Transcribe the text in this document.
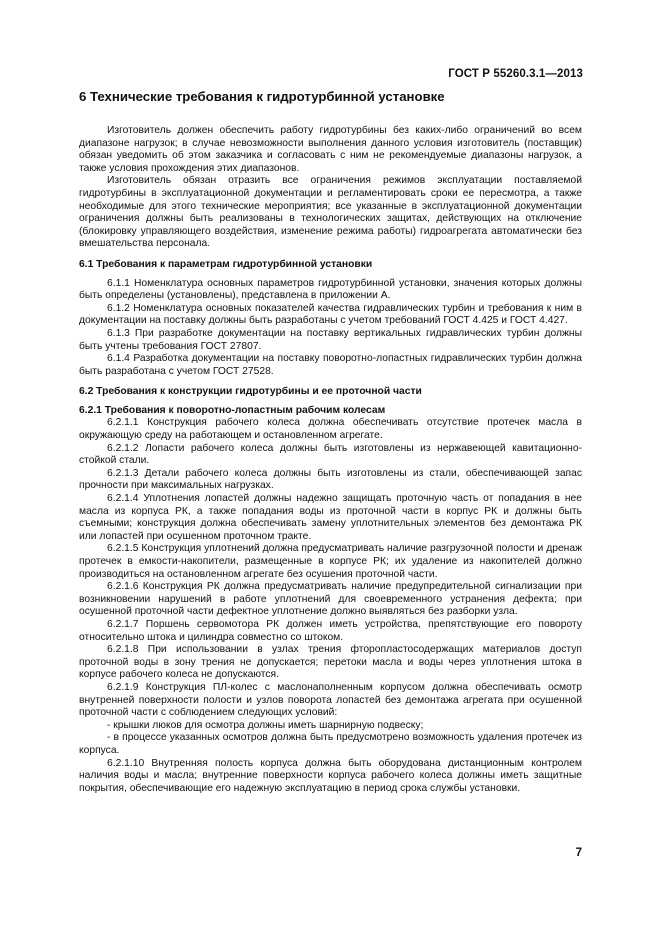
ГОСТ Р 55260.3.1—2013
6 Технические требования к гидротурбинной установке

Изготовитель должен обеспечить работу гидротурбины без каких-либо ограничений во всем диапазоне нагрузок; в случае невозможности выполнения данного условия изготовитель (поставщик) обязан уведомить об этом заказчика и согласовать с ним не рекомендуемые диапазоны нагрузок, а также условия прохождения этих диапазонов.

Изготовитель обязан отразить все ограничения режимов эксплуатации поставляемой гидротурбины в эксплуатационной документации и регламентировать сроки ее пересмотра, а также необходимые для этого технические мероприятия; все указанные в эксплуатационной документации ограничения должны быть реализованы в технологических защитах, действующих на отключение (блокировку управляющего воздействия, изменение режима работы) гидроагрегата автоматически без вмешательства персонала.

6.1 Требования к параметрам гидротурбинной установки

6.1.1 Номенклатура основных параметров гидротурбинной установки, значения которых должны быть определены (установлены), представлена в приложении А.

6.1.2 Номенклатура основных показателей качества гидравлических турбин и требования к ним в документации на поставку должны быть разработаны с учетом требований ГОСТ 4.425 и ГОСТ 4.427.

6.1.3 При разработке документации на поставку вертикальных гидравлических турбин должны быть учтены требования ГОСТ 27807.

6.1.4 Разработка документации на поставку поворотно-лопастных гидравлических турбин должна быть разработана с учетом ГОСТ 27528.

6.2 Требования к конструкции гидротурбины и ее проточной части

6.2.1 Требования к поворотно-лопастным рабочим колесам

6.2.1.1 Конструкция рабочего колеса должна обеспечивать отсутствие протечек масла в окружающую среду на работающем и остановленном агрегате.

6.2.1.2 Лопасти рабочего колеса должны быть изготовлены из нержавеющей кавитационно-стойкой стали.

6.2.1.3 Детали рабочего колеса должны быть изготовлены из стали, обеспечивающей запас прочности при максимальных нагрузках.

6.2.1.4 Уплотнения лопастей должны надежно защищать проточную часть от попадания в нее масла из корпуса РК, а также попадания воды из проточной части в корпус РК и должны быть съемными; конструкция должна обеспечивать замену уплотнительных элементов без демонтажа РК или лопастей при осушенном проточном тракте.

6.2.1.5 Конструкция уплотнений должна предусматривать наличие разгрузочной полости и дренаж протечек в емкости-накопители, размещенные в корпусе РК; их удаление из накопителей должно производиться на остановленном агрегате без осушения проточной части.

6.2.1.6 Конструкция РК должна предусматривать наличие предупредительной сигнализации при возникновении нарушений в работе уплотнений для своевременного устранения дефекта; при осушенной проточной части дефектное уплотнение должно выявляться без разборки узла.

6.2.1.7 Поршень сервомотора РК должен иметь устройства, препятствующие его повороту относительно штока и цилиндра совместно со штоком.

6.2.1.8 При использовании в узлах трения фторопластосодержащих материалов доступ проточной воды в зону трения не допускается; перетоки масла и воды через уплотнения штока в корпусе рабочего колеса не допускаются.

6.2.1.9 Конструкция ПЛ-колес с маслонаполненным корпусом должна обеспечивать осмотр внутренней поверхности полости и узлов поворота лопастей без демонтажа агрегата при осушенной проточной части с соблюдением следующих условий:

- крышки люков для осмотра должны иметь шарнирную подвеску;

- в процессе указанных осмотров должна быть предусмотрено возможность удаления протечек из корпуса.

6.2.1.10 Внутренняя полость корпуса должна быть оборудована дистанционным контролем наличия воды и масла; внутренние поверхности корпуса рабочего колеса должны иметь защитные покрытия, обеспечивающие его надежную эксплуатацию в период срока службы установки.

7
